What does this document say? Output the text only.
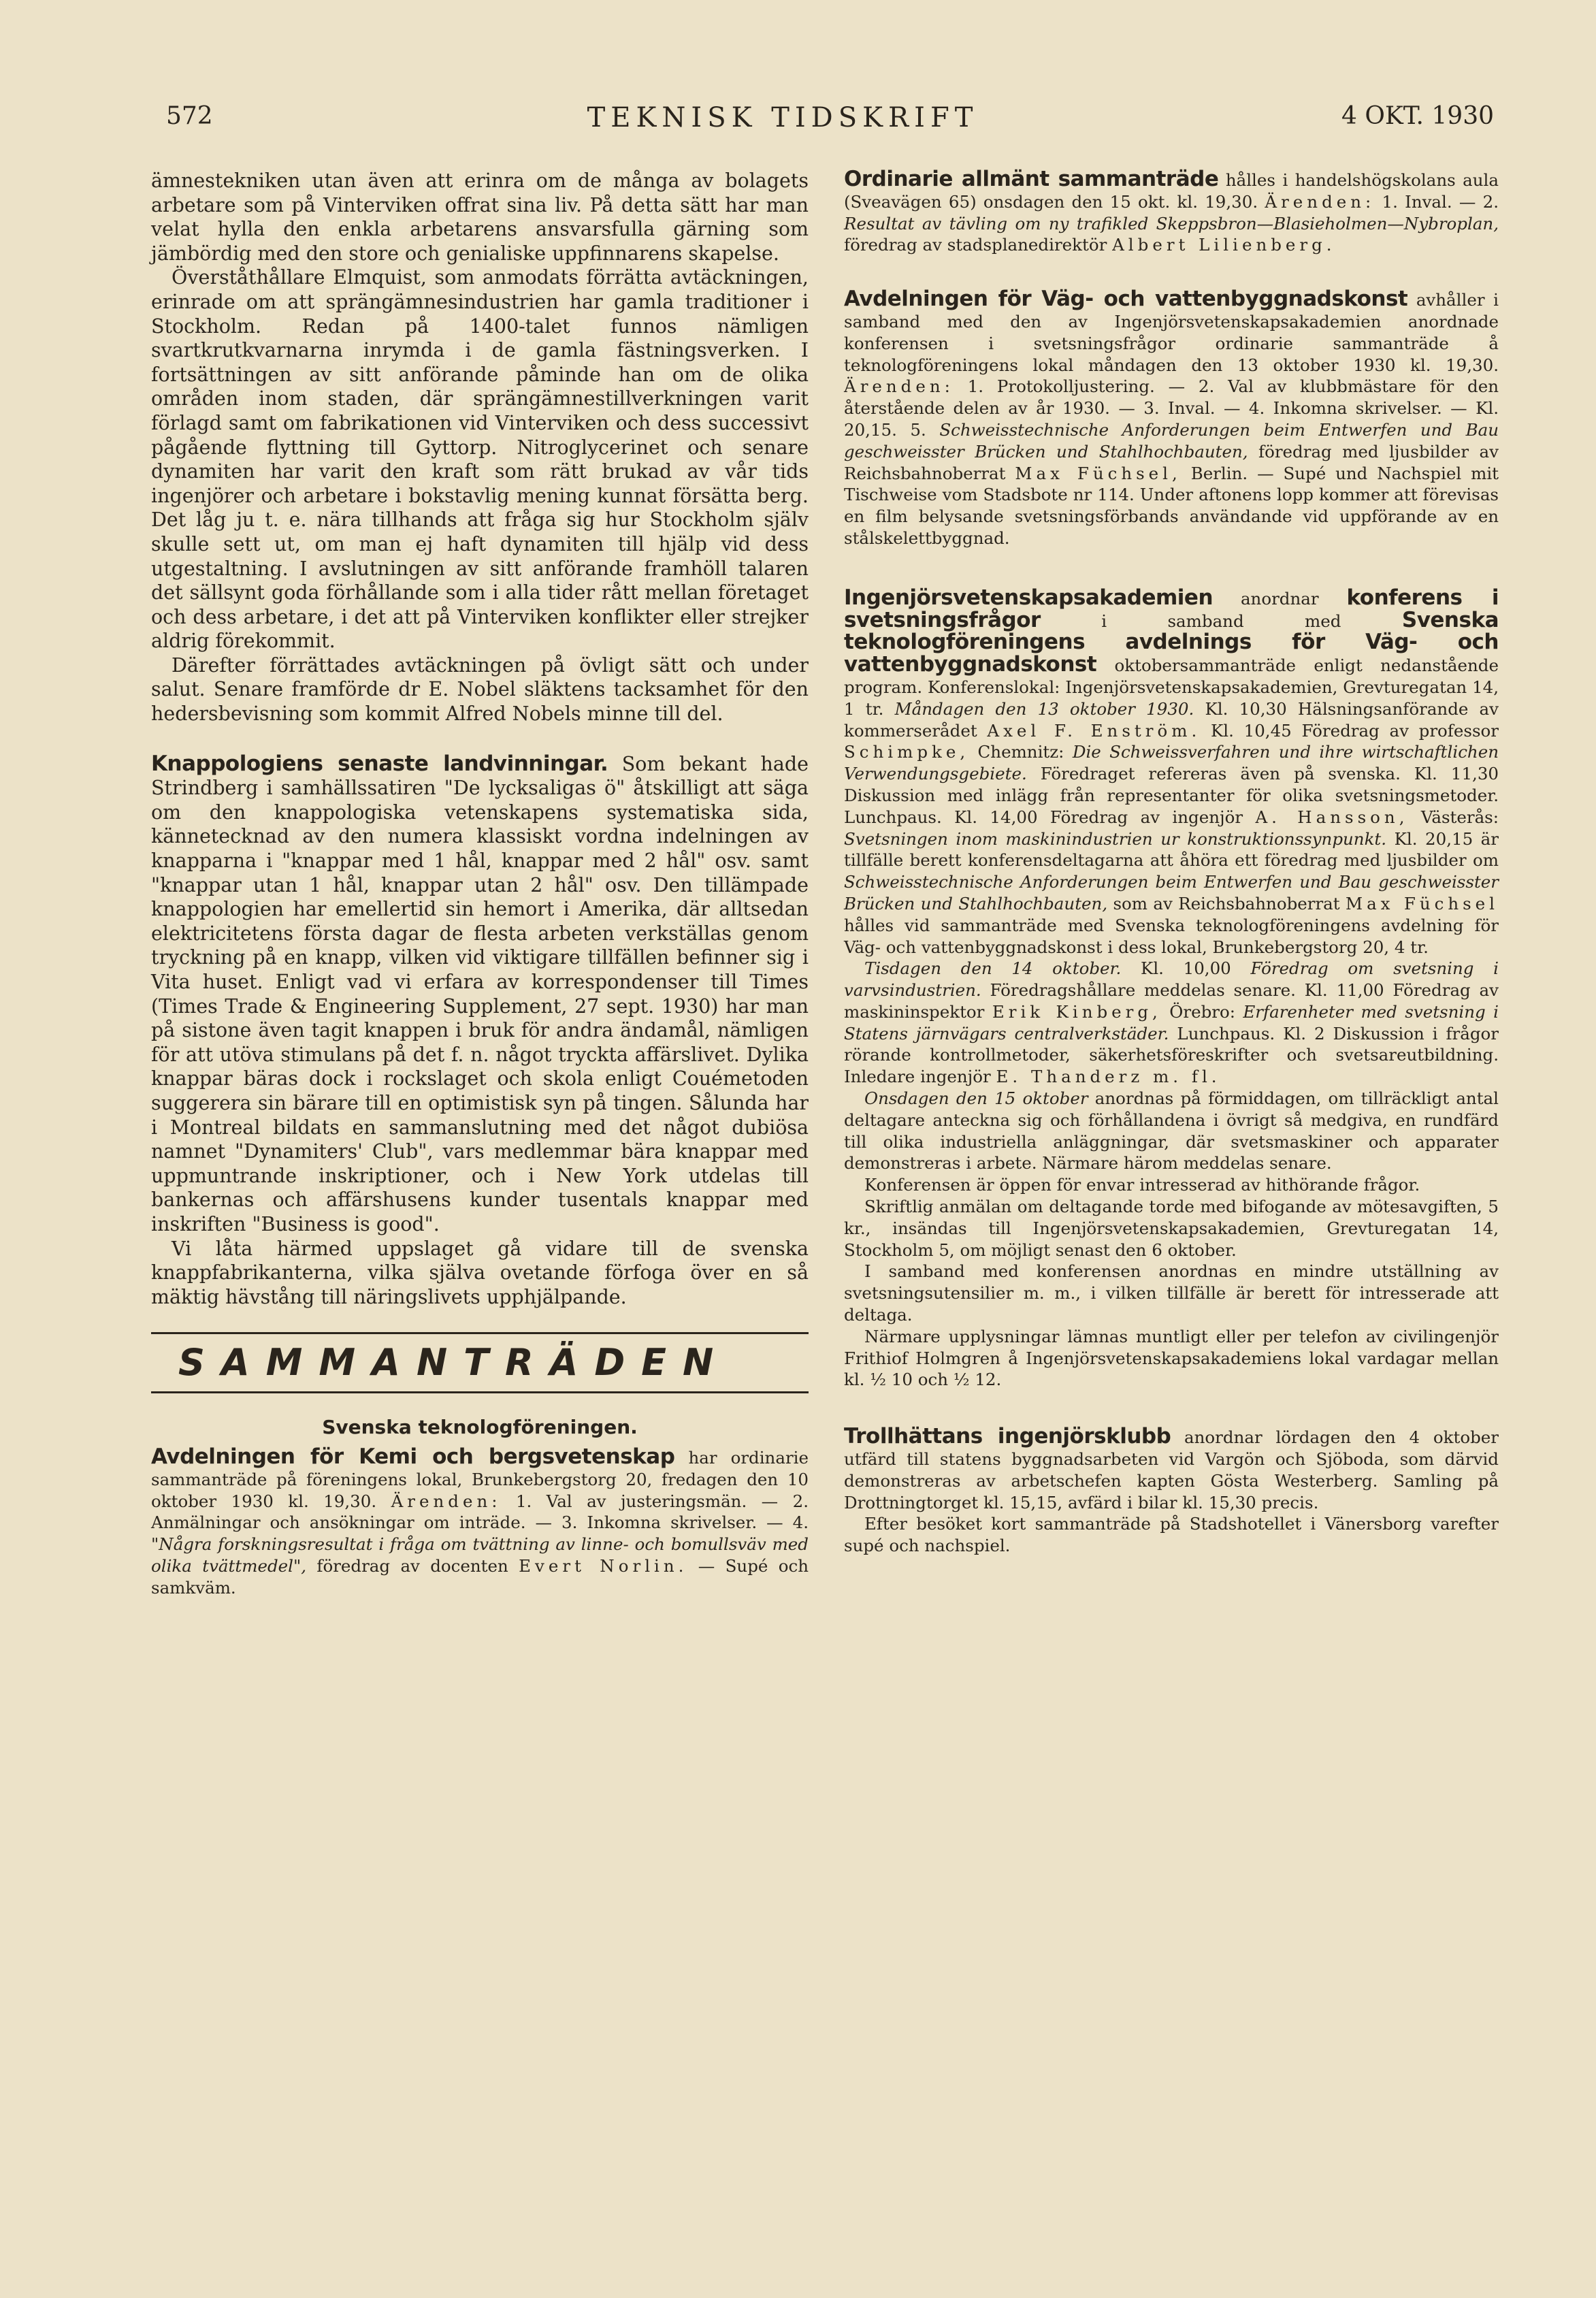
572	TEKNISK TIDSKRIFT	4 OKT. 1930

ämnestekniken utan även att erinra om de många av bolagets arbetare som på Vinterviken offrat sina liv. På detta sätt har man velat hylla den enkla arbetarens ansvarsfulla gärning som jämbördig med den store och genialiske uppfinnarens skapelse.

Överståthållare Elmquist, som anmodats förrätta avtäckningen, erinrade om att sprängämnesindustrien har gamla traditioner i Stockholm. Redan på 1400-talet funnos nämligen svartkrutkvarnarna inrymda i de gamla fästningsverken. I fortsättningen av sitt anförande påminde han om de olika områden inom staden, där sprängämnestillverkningen varit förlagd samt om fabrikationen vid Vinterviken och dess successivt pågående flyttning till Gyttorp. Nitroglycerinet och senare dynamiten har varit den kraft som rätt brukad av vår tids ingenjörer och arbetare i bokstavlig mening kunnat försätta berg. Det låg ju t. e. nära tillhands att fråga sig hur Stockholm själv skulle sett ut, om man ej haft dynamiten till hjälp vid dess utgestaltning. I avslutningen av sitt anförande framhöll talaren det sällsynt goda förhållande som i alla tider rått mellan företaget och dess arbetare, i det att på Vinterviken konflikter eller strejker aldrig förekommit.

Därefter förrättades avtäckningen på övligt sätt och under salut. Senare framförde dr E. Nobel släktens tacksamhet för den hedersbevisning som kommit Alfred Nobels minne till del.

Knappologiens senaste landvinningar. Som bekant hade Strindberg i samhällssatiren "De lycksaligas ö" åtskilligt att säga om den knappologiska vetenskapens systematiska sida, kännetecknad av den numera klassiskt vordna indelningen av knapparna i "knappar med 1 hål, knappar med 2 hål" osv. samt "knappar utan 1 hål, knappar utan 2 hål" osv. Den tillämpade knappologien har emellertid sin hemort i Amerika, där alltsedan elektricitetens första dagar de flesta arbeten verkställas genom tryckning på en knapp, vilken vid viktigare tillfällen befinner sig i Vita huset. Enligt vad vi erfara av korrespondenser till Times (Times Trade & Engineering Supplement, 27 sept. 1930) har man på sistone även tagit knappen i bruk för andra ändamål, nämligen för att utöva stimulans på det f. n. något tryckta affärslivet. Dylika knappar bäras dock i rockslaget och skola enligt Couémetoden suggerera sin bärare till en optimistisk syn på tingen. Sålunda har i Montreal bildats en sammanslutning med det något dubiösa namnet "Dynamiters' Club", vars medlemmar bära knappar med uppmuntrande inskriptioner, och i New York utdelas till bankernas och affärshusens kunder tusentals knappar med inskriften "Business is good".

Vi låta härmed uppslaget gå vidare till de svenska knappfabrikanterna, vilka själva ovetande förfoga över en så mäktig hävstång till näringslivets upphjälpande.

SAMMANTRÄDEN

Svenska teknologföreningen.

Avdelningen för Kemi och bergsvetenskap har ordinarie sammanträde på föreningens lokal, Brunkebergstorg 20, fredagen den 10 oktober 1930 kl. 19,30. Ärenden: 1. Val av justeringsmän. — 2. Anmälningar och ansökningar om inträde. — 3. Inkomna skrivelser. — 4. "Några forskningsresultat i fråga om tvättning av linne- och bomullsväv med olika tvättmedel", föredrag av docenten Evert Norlin. — Supé och samkväm.

Ordinarie allmänt sammanträde hålles i handelshögskolans aula (Sveavägen 65) onsdagen den 15 okt. kl. 19,30. Ärenden: 1. Inval. — 2. Resultat av tävling om ny trafikled Skeppsbron—Blasieholmen—Nybroplan, föredrag av stadsplanedirektör Albert Lilienberg.

Avdelningen för Väg- och vattenbyggnadskonst avhåller i samband med den av Ingenjörsvetenskapsakademien anordnade konferensen i svetsningsfrågor ordinarie sammanträde å teknologföreningens lokal måndagen den 13 oktober 1930 kl. 19,30. Ärenden: 1. Protokolljustering. — 2. Val av klubbmästare för den återstående delen av år 1930. — 3. Inval. — 4. Inkomna skrivelser. — Kl. 20,15. 5. Schweisstechnische Anforderungen beim Entwerfen und Bau geschweisster Brücken und Stahlhochbauten, föredrag med ljusbilder av Reichsbahnoberrat Max Füchsel, Berlin. — Supé und Nachspiel mit Tischweise vom Stadsbote nr 114. Under aftonens lopp kommer att förevisas en film belysande svetsningsförbands användande vid uppförande av en stålskelettbyggnad.

Ingenjörsvetenskapsakademien anordnar konferens i svetsningsfrågor	i samband med	Svenska teknologföreningens avdelnings för Väg- och vattenbyggnadskonst oktobersammanträde enligt nedanstående program. Konferenslokal: Ingenjörsvetenskapsakademien, Grevturegatan 14, 1 tr. Måndagen den 13 oktober 1930. Kl. 10,30 Hälsningsanförande av kommerserådet Axel F. Enström. Kl. 10,45 Föredrag av professor Schimpke, Chemnitz: Die Schweissverfahren und ihre wirtschaftlichen Verwendungsgebiete. Föredraget refereras även på svenska. Kl. 11,30 Diskussion med inlägg från representanter för olika svetsningsmetoder. Lunchpaus. Kl. 14,00 Föredrag av ingenjör A. Hansson, Västerås: Svetsningen inom maskinindustrien ur konstruktionssynpunkt. Kl. 20,15 är tillfälle berett konferensdeltagarna att åhöra ett föredrag med ljusbilder om Schweisstechnische Anforderungen beim Entwerfen und Bau geschweisster Brücken und Stahlhochbauten, som av Reichsbahnoberrat Max Füchsel hålles vid sammanträde med Svenska teknologföreningens avdelning för Väg- och vattenbyggnadskonst i dess lokal, Brunkebergstorg 20, 4 tr.

Tisdagen den 14 oktober. Kl. 10,00 Föredrag om svetsning i varvsindustrien. Föredragshållare meddelas senare. Kl. 11,00 Föredrag av maskininspektor Erik Kinberg, Örebro: Erfarenheter med svetsning i Statens järnvägars centralverkstäder. Lunchpaus. Kl. 2 Diskussion i frågor rörande kontrollmetoder, säkerhetsföreskrifter och svetsareutbildning. Inledare ingenjör E. Thanderz m. fl.

Onsdagen den 15 oktober anordnas på förmiddagen, om tillräckligt antal deltagare anteckna sig och förhållandena i övrigt så medgiva, en rundfärd till olika industriella anläggningar, där svetsmaskiner och apparater demonstreras i arbete. Närmare härom meddelas senare.

Konferensen är öppen för envar intresserad av hithörande frågor.

Skriftlig anmälan om deltagande torde med bifogande av mötesavgiften, 5 kr., insändas till Ingenjörsvetenskapsakademien, Grevturegatan 14, Stockholm 5, om möjligt senast den 6 oktober.

I samband med konferensen anordnas en mindre utställning av svetsningsutensilier m. m., i vilken tillfälle är berett för intresserade att deltaga.

Närmare upplysningar lämnas muntligt eller per telefon av civilingenjör Frithiof Holmgren å Ingenjörsvetenskapsakademiens lokal vardagar mellan kl. ½ 10 och ½ 12.

Trollhättans ingenjörsklubb anordnar lördagen den 4 oktober utfärd till statens byggnadsarbeten vid Vargön och Sjöboda, som därvid demonstreras av arbetschefen kapten Gösta Westerberg. Samling på Drottningtorget kl. 15,15, avfärd i bilar kl. 15,30 precis.

Efter besöket kort sammanträde på Stadshotellet i Vänersborg varefter supé och nachspiel.
